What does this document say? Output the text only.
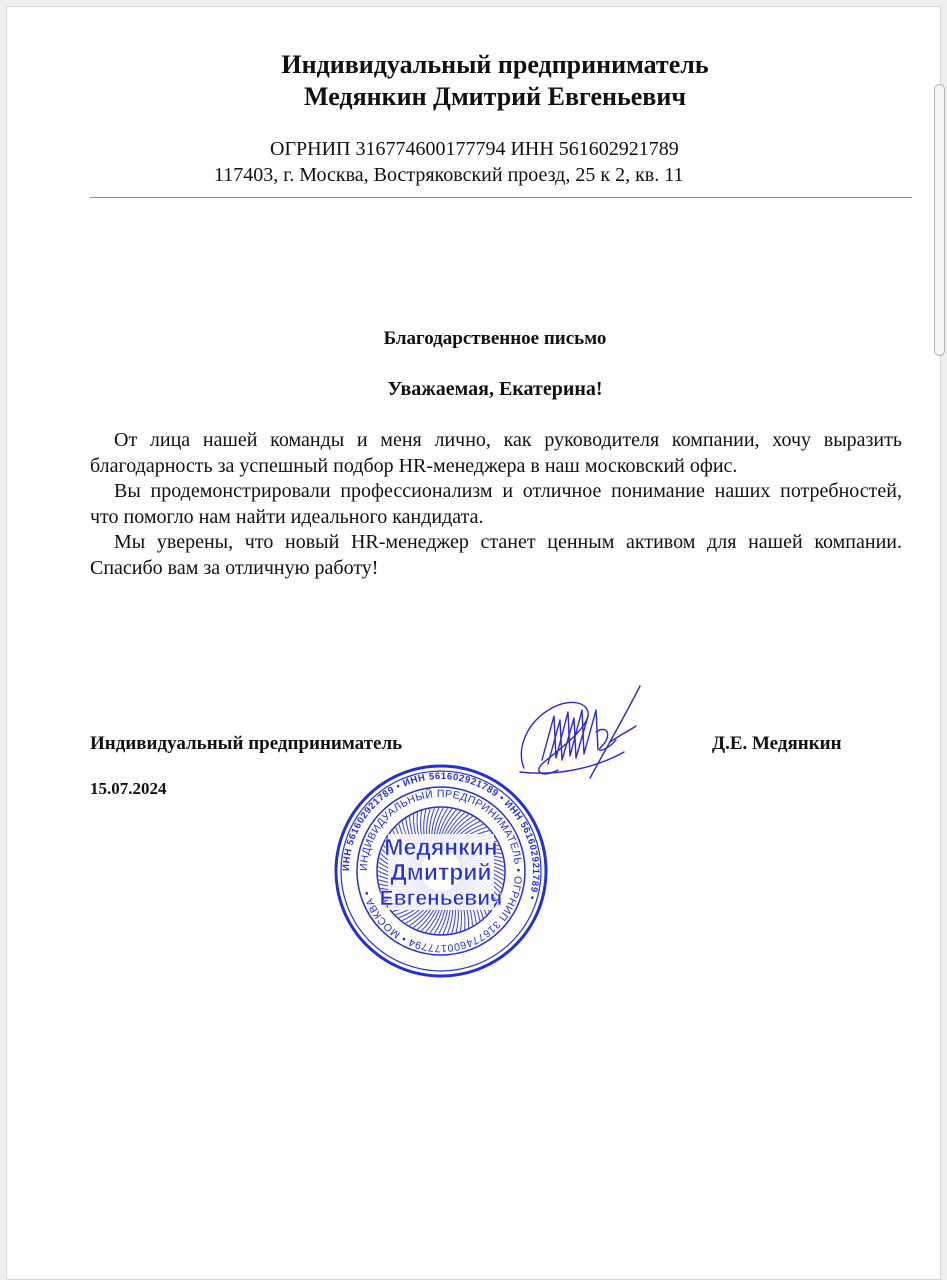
Индивидуальный предприниматель
Медянкин Дмитрий Евгеньевич
ОГРНИП 316774600177794 ИНН 561602921789
117403, г. Москва, Востряковский проезд, 25 к 2, кв. 11
Благодарственное письмо
Уважаемая, Екатерина!

От лица нашей команды и меня лично, как руководителя компании, хочу выразить благодарность за успешный подбор HR-менеджера в наш московский офис.

Вы продемонстрировали профессионализм и отличное понимание наших потребностей, что помогло нам найти идеального кандидата.

Мы уверены, что новый HR-менеджер станет ценным активом для нашей компании. Спасибо вам за отличную работу!

Индивидуальный предприниматель	Д.Е. Медянкин
15.07.2024
ИНН 561602921789 • ИНН 561602921789 • ИНН 561602921789 •
ИНДИВИДУАЛЬНЫЙ ПРЕДПРИНИМАТЕЛЬ • ОГРНИП 316774600177794 • МОСКВА •
Медянкин
Дмитрий
Евгеньевич
